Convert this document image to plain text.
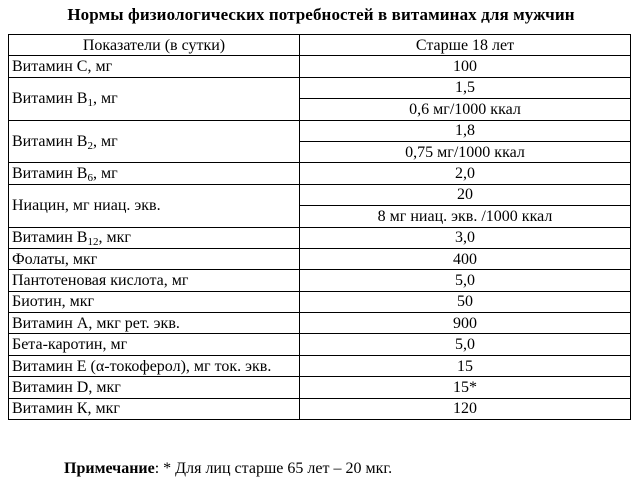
Нормы физиологических потребностей в витаминах для мужчин
Показатели (в сутки)	Старше 18 лет
Витамин С, мг	100
Витамин $В_1$, мг	1,5
	0,6 мг/1000 ккал
Витамин $В_2$, мг	1,8
	0,75 мг/1000 ккал
Витамин $В_6$, мг	2,0
Ниацин, мг ниац. экв.	20
	8 мг ниац. экв. /1000 ккал
Витамин $В_{12}$, мкг	3,0
Фолаты, мкг	400
Пантотеновая кислота, мг	5,0
Биотин, мкг	50
Витамин А, мкг рет. экв.	900
Бета-каротин, мг	5,0
Витамин Е (α-токоферол), мг ток. экв.	15
Витамин D, мкг	15*
Витамин К, мкг	120
Примечание: * Для лиц старше 65 лет – 20 мкг.
